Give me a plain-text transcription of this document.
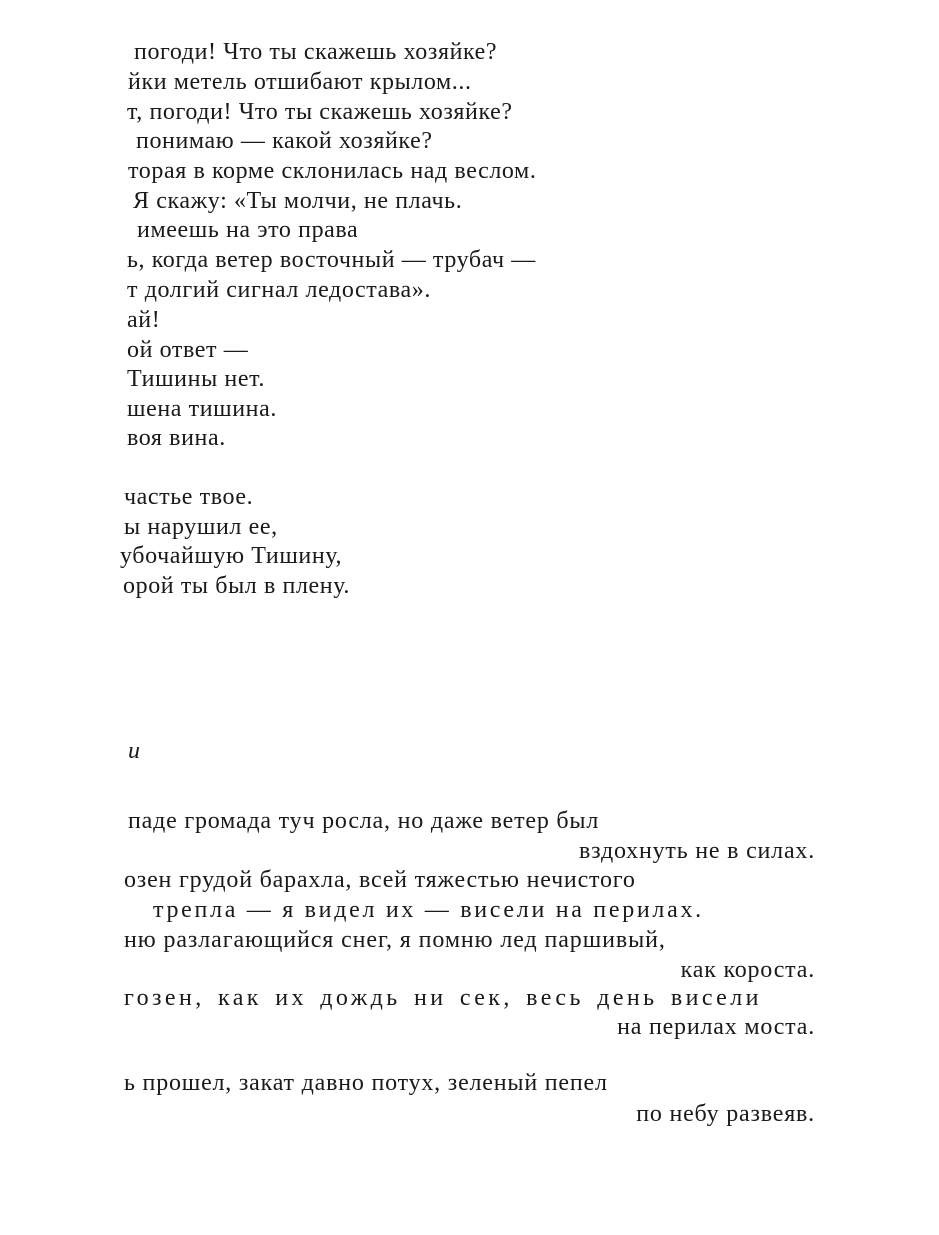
погоди! Что ты скажешь хозяйке?
йки метель отшибают крылом...
т, погоди! Что ты скажешь хозяйке?
понимаю — какой хозяйке?
торая в корме склонилась над веслом.
Я скажу: «Ты молчи, не плачь.
имеешь на это права
ь, когда ветер восточный — трубач —
т долгий сигнал ледостава».
ай!
ой ответ —
Тишины нет.
шена тишина.
воя вина.
частье твое.
ы нарушил ее,
убочайшую Тишину,
орой ты был в плену.
и
паде громада туч росла, но даже ветер был
вздохнуть не в силах.
озен грудой барахла, всей тяжестью нечистого
трепла — я видел их — висели на перилах.
ню разлагающийся снег, я помню лед паршивый,
как короста.
гозен, как их дождь ни сек, весь день висели
на перилах моста.
ь прошел, закат давно потух, зеленый пепел
по небу развеяв.
